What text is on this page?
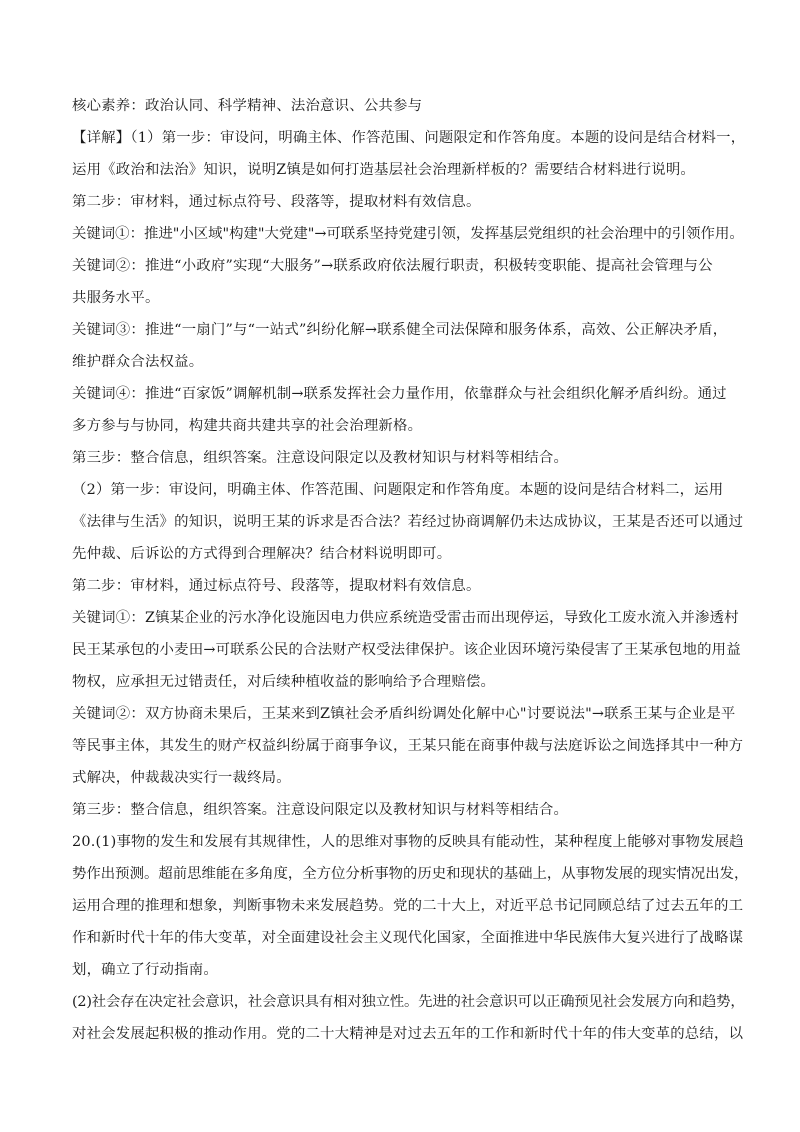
核心素养：政治认同、科学精神、法治意识、公共参与
【详解】（1）第一步：审设问，明确主体、作答范围、问题限定和作答角度。本题的设问是结合材料一，
运用《政治和法治》知识，说明Z镇是如何打造基层社会治理新样板的？需要结合材料进行说明。
第二步：审材料，通过标点符号、段落等，提取材料有效信息。
关键词①：推进"小区域"构建"大党建"→可联系坚持党建引领，发挥基层党组织的社会治理中的引领作用。
关键词②：推进“小政府”实现“大服务”→联系政府依法履行职责，积极转变职能、提高社会管理与公
共服务水平。
关键词③：推进“一扇门”与“一站式”纠纷化解→联系健全司法保障和服务体系，高效、公正解决矛盾，
维护群众合法权益。
关键词④：推进“百家饭”调解机制→联系发挥社会力量作用，依靠群众与社会组织化解矛盾纠纷。通过
多方参与与协同，构建共商共建共享的社会治理新格。
第三步：整合信息，组织答案。注意设问限定以及教材知识与材料等相结合。
（2）第一步：审设问，明确主体、作答范围、问题限定和作答角度。本题的设问是结合材料二，运用
《法律与生活》的知识，说明王某的诉求是否合法？若经过协商调解仍未达成协议，王某是否还可以通过
先仲裁、后诉讼的方式得到合理解决？结合材料说明即可。
第二步：审材料，通过标点符号、段落等，提取材料有效信息。
关键词①：Z镇某企业的污水净化设施因电力供应系统造受雷击而出现停运，导致化工废水流入并渗透村
民王某承包的小麦田→可联系公民的合法财产权受法律保护。该企业因环境污染侵害了王某承包地的用益
物权，应承担无过错责任，对后续种植收益的影响给予合理赔偿。
关键词②：双方协商未果后，王某来到Z镇社会矛盾纠纷调处化解中心"讨要说法"→联系王某与企业是平
等民事主体，其发生的财产权益纠纷属于商事争议，王某只能在商事仲裁与法庭诉讼之间选择其中一种方
式解决，仲裁裁决实行一裁终局。
第三步：整合信息，组织答案。注意设问限定以及教材知识与材料等相结合。
20.(1)事物的发生和发展有其规律性，人的思维对事物的反映具有能动性，某种程度上能够对事物发展趋
势作出预测。超前思维能在多角度，全方位分析事物的历史和现状的基础上，从事物发展的现实情况出发，
运用合理的推理和想象，判断事物未来发展趋势。党的二十大上，对近平总书记同顾总结了过去五年的工
作和新时代十年的伟大变革，对全面建设社会主义现代化国家，全面推进中华民族伟大复兴进行了战略谋
划，确立了行动指南。
(2)社会存在决定社会意识，社会意识具有相对独立性。先进的社会意识可以正确预见社会发展方向和趋势，
对社会发展起积极的推动作用。党的二十大精神是对过去五年的工作和新时代十年的伟大变革的总结，以
